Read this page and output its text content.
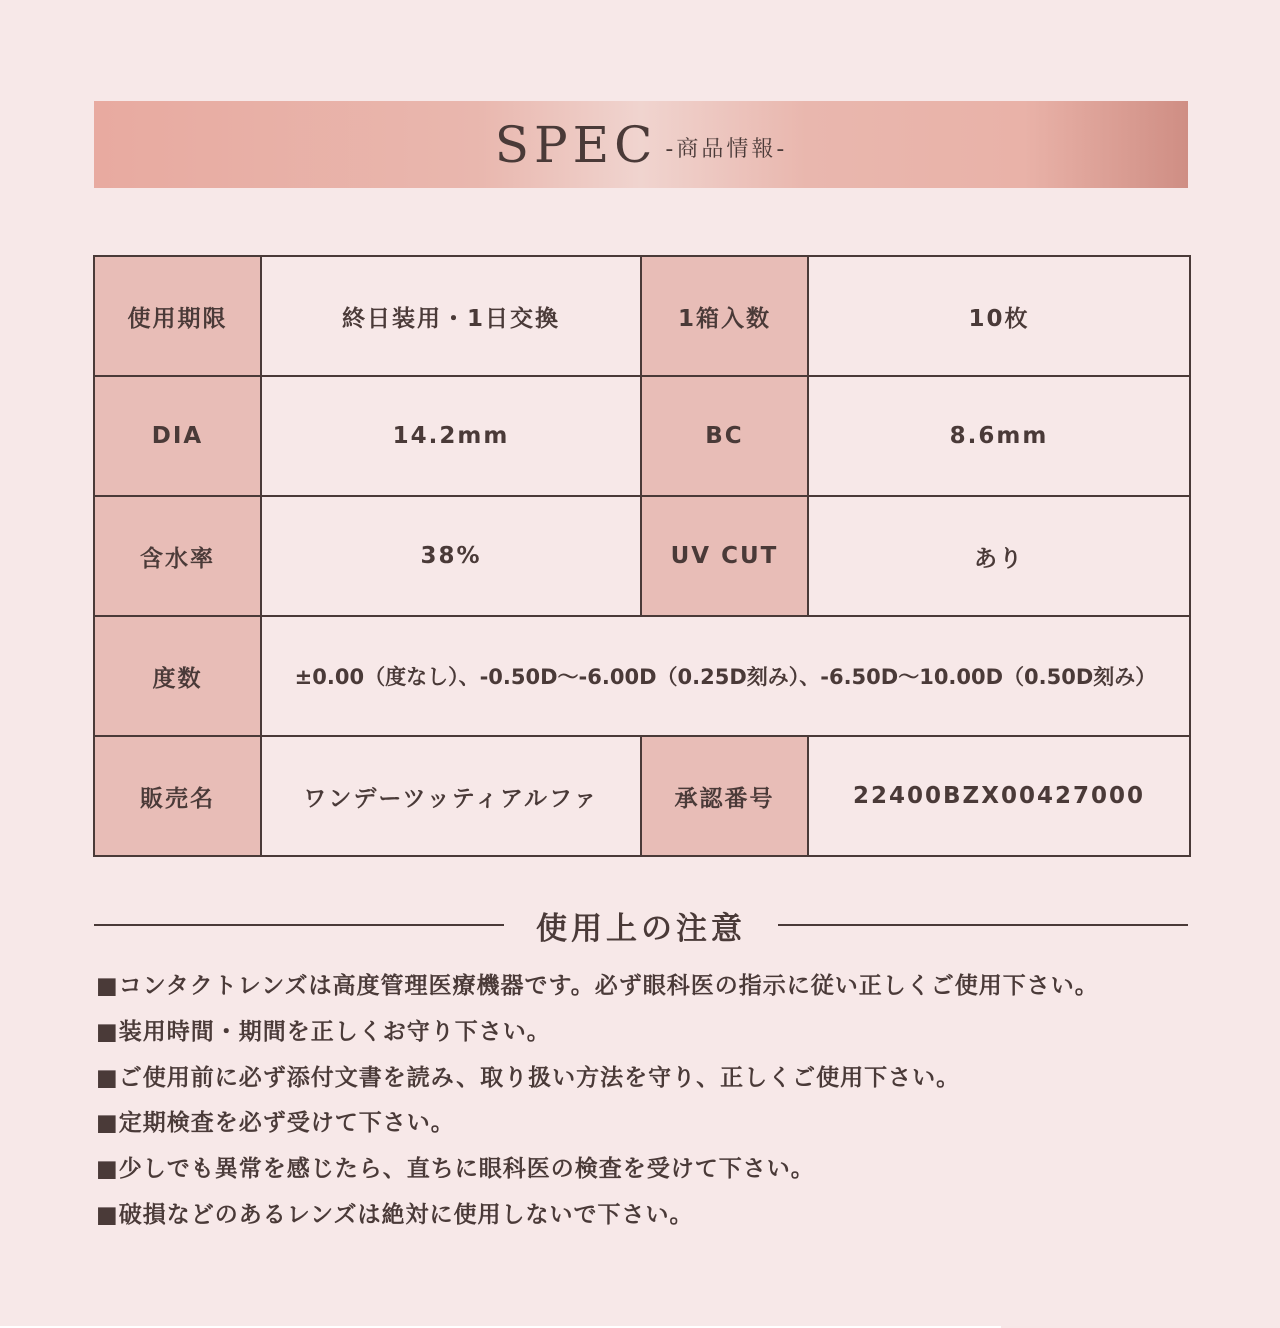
SPEC -商品情報-
使用期限	終日装用・1日交換	1箱入数	10枚
DIA	14.2mm	BC	8.6mm
含水率	38%	UV CUT	あり
度数	±0.00（度なし）、-0.50D〜-6.00D（0.25D刻み）、-6.50D〜10.00D（0.50D刻み）		
販売名	ワンデーツッティアルファ	承認番号	22400BZX00427000
使用上の注意
■コンタクトレンズは高度管理医療機器です。必ず眼科医の指示に従い正しくご使用下さい。
■装用時間・期間を正しくお守り下さい。
■ご使用前に必ず添付文書を読み、取り扱い方法を守り、正しくご使用下さい。
■定期検査を必ず受けて下さい。
■少しでも異常を感じたら、直ちに眼科医の検査を受けて下さい。
■破損などのあるレンズは絶対に使用しないで下さい。
